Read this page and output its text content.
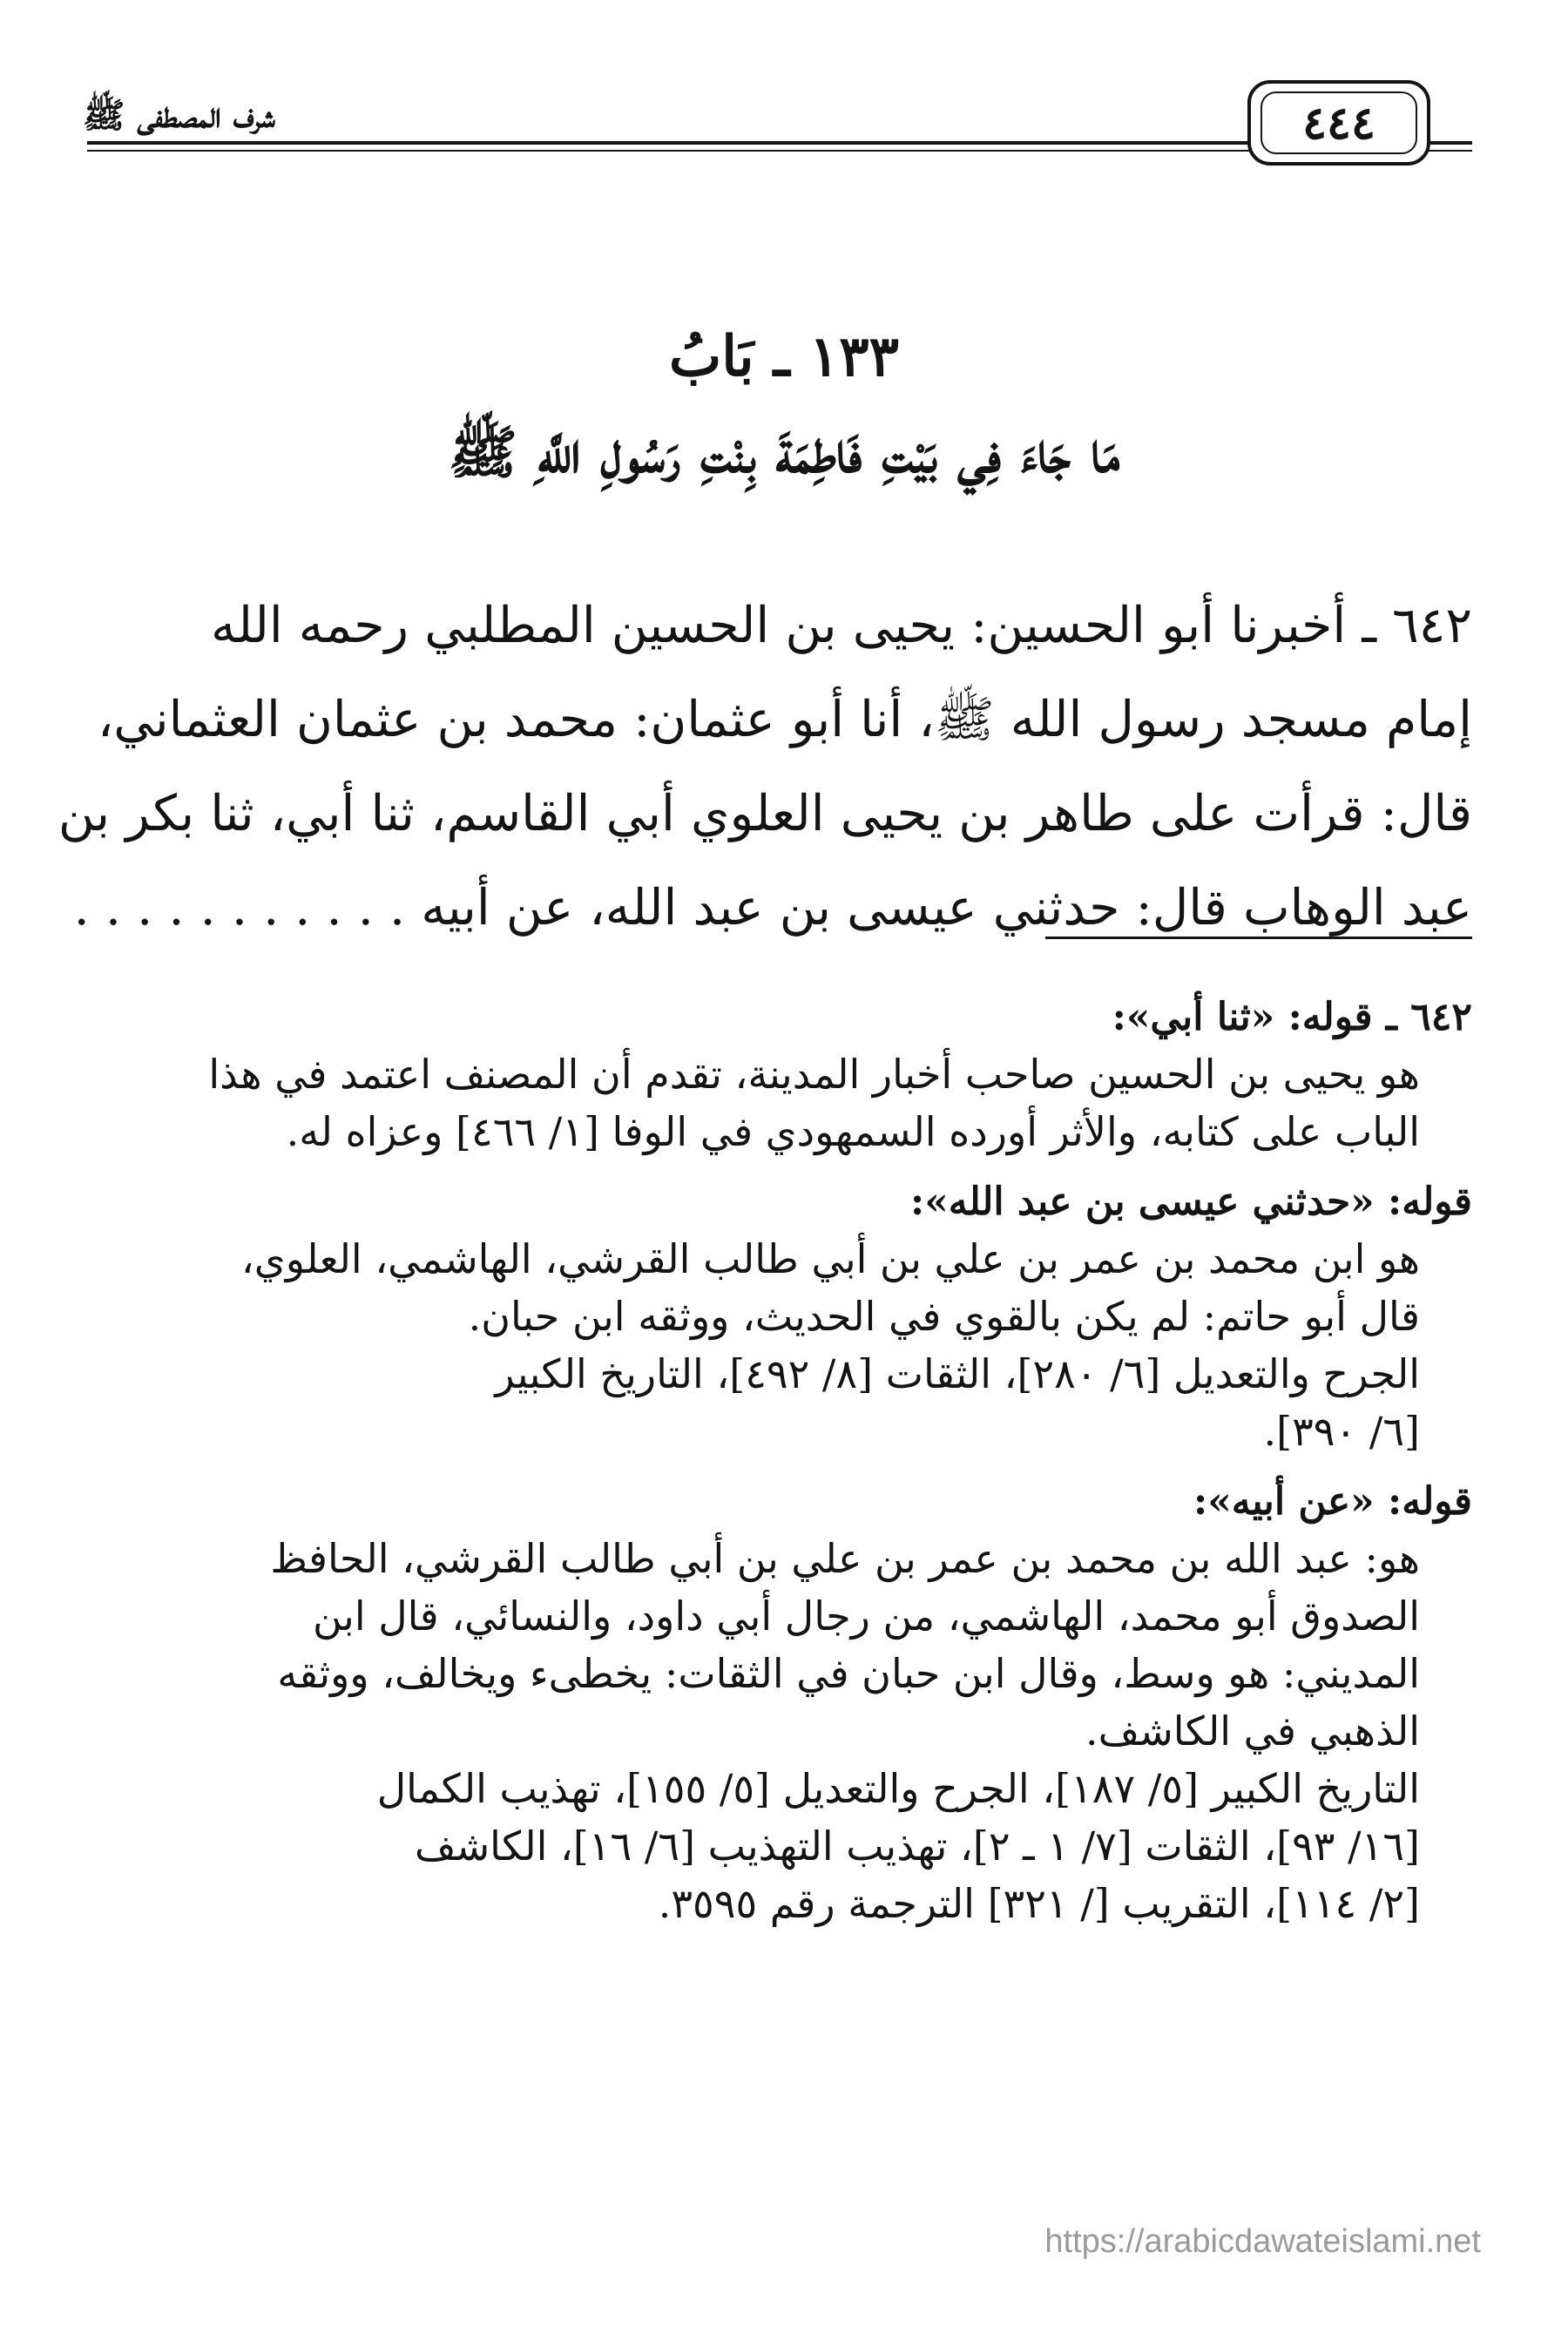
شرف المصطفى ﷺ	٤٤٤
١٣٣ ـ بَابُ
مَا جَاءَ فِي بَيْتِ فَاطِمَةَ بِنْتِ رَسُولِ اللَّهِ ﷺ
٦٤٢ ـ أخبرنا أبو الحسين: يحيى بن الحسين المطلبي رحمه الله
إمام مسجد رسول الله ﷺ، أنا أبو عثمان: محمد بن عثمان العثماني،
قال: قرأت على طاهر بن يحيى العلوي أبي القاسم، ثنا أبي، ثنا بكر بن
عبد الوهاب قال: حدثني عيسى بن عبد الله، عن أبيه . . . . . . . . . . .
٦٤٢ ـ قوله: «ثنا أبي»:
هو يحيى بن الحسين صاحب أخبار المدينة، تقدم أن المصنف اعتمد في هذا
الباب على كتابه، والأثر أورده السمهودي في الوفا [١/ ٤٦٦] وعزاه له.
قوله: «حدثني عيسى بن عبد الله»:
هو ابن محمد بن عمر بن علي بن أبي طالب القرشي، الهاشمي، العلوي،
قال أبو حاتم: لم يكن بالقوي في الحديث، ووثقه ابن حبان.
الجرح والتعديل [٦/ ٢٨٠]، الثقات [٨/ ٤٩٢]، التاريخ الكبير
[٦/ ٣٩٠].
قوله: «عن أبيه»:
هو: عبد الله بن محمد بن عمر بن علي بن أبي طالب القرشي، الحافظ
الصدوق أبو محمد، الهاشمي، من رجال أبي داود، والنسائي، قال ابن
المديني: هو وسط، وقال ابن حبان في الثقات: يخطىء ويخالف، ووثقه
الذهبي في الكاشف.
التاريخ الكبير [٥/ ١٨٧]، الجرح والتعديل [٥/ ١٥٥]، تهذيب الكمال
[١٦/ ٩٣]، الثقات [٧/ ١ ـ ٢]، تهذيب التهذيب [٦/ ١٦]، الكاشف
[٢/ ١١٤]، التقريب [/ ٣٢١] الترجمة رقم ٣٥٩٥.
https://arabicdawateislami.net
